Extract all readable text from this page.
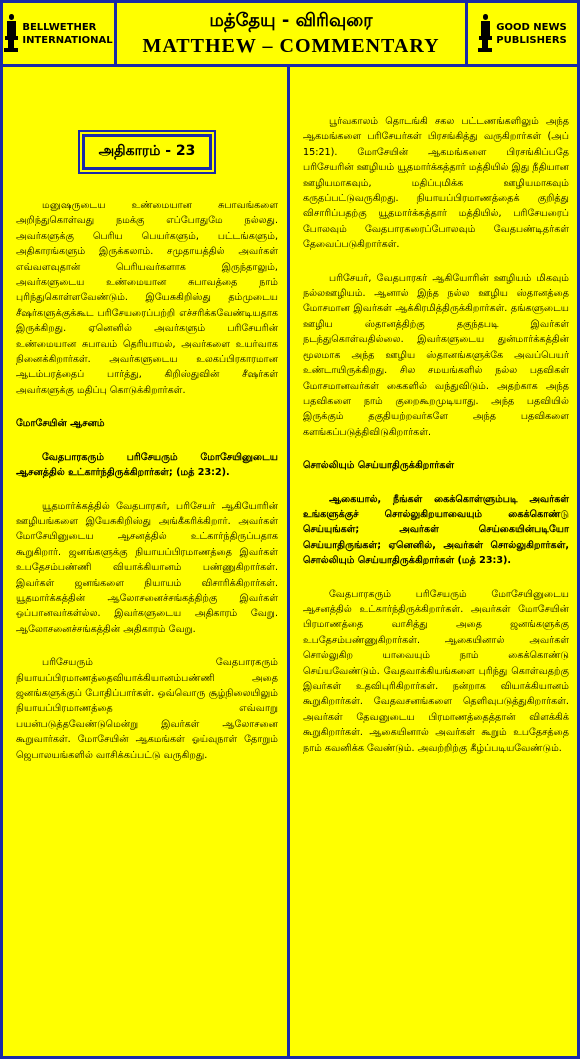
BELLWETHER
INTERNATIONAL
மத்தேயு - விரிவுரை
MATTHEW – COMMENTARY
GOOD NEWS
PUBLISHERS
அதிகாரம் - 23

மனுஷருடைய உண்மையான சுபாவங்களை அறிந்துகொள்வது நமக்கு எப்போதுமே நல்லது. அவர்களுக்கு பெரிய பெயர்களும், பட்டங்களும், அதிகாரங்களும் இருக்கலாம். சமுதாயத்தில் அவர்கள் எவ்வளவுதான் பெரியவர்களாக இருந்தாலும், அவர்களுடைய உண்மையான சுபாவத்தை நாம் புரிந்துகொள்ளவேண்டும். இயேசுகிறிஸ்து தம்முடைய சீஷர்களுக்குக்கூட பரிசேயரைப்பற்றி எச்சரிக்கவேண்டியதாக இருக்கிறது. ஏனெனில் அவர்களும் பரிசேயரின் உண்மையான சுபாவம் தெரியாமல், அவர்களை உயர்வாக நினைக்கிறார்கள். அவர்களுடைய உலகப்பிரகாரமான ஆடம்பரத்தைப் பார்த்து, கிறிஸ்துவின் சீஷர்கள் அவர்களுக்கு மதிப்பு கொடுக்கிறார்கள்.

மோசேயின் ஆசனம்

வேதபாரகரும் பரிசேயரும் மோசேயினுடைய ஆசனத்தில் உட்கார்ந்திருக்கிறார்கள்; (மத் 23:2).

யூதமார்க்கத்தில் வேதபாரகர், பரிசேயர் ஆகியோரின் ஊழியங்களை இயேசுகிறிஸ்து அங்கீகரிக்கிறார். அவர்கள் மோசேயினுடைய ஆசனத்தில் உட்கார்ந்திருப்பதாக கூறுகிறார். ஜனங்களுக்கு நியாயப்பிரமாணத்தை இவர்கள் உபதேசம்பண்ணி வியாக்கியானம் பண்ணுகிறார்கள். இவர்கள் ஜனங்களை நியாயம் விசாரிக்கிறார்கள். யூதமார்க்கத்தின் ஆலோசனைச்சங்கத்திற்கு இவர்கள் ஒப்பானவர்கள்ல்ல. இவர்களுடைய அதிகாரம் வேறு. ஆலோசனைச்சங்கத்தின் அதிகாரம் வேறு.

பரிசேயரும் வேதபாரகரும் நியாயப்பிரமாணத்தைவியாக்கியானம்பண்ணி அதை ஜனங்களுக்குப் போதிப்பார்கள். ஒவ்வொரு சூழ்நிலையிலும் நியாயப்பிரமாணத்தை எவ்வாறு பயன்படுத்தவேண்டுமென்று இவர்கள் ஆலோசனை கூறுவார்கள். மோசேயின் ஆகமங்கள் ஓய்வுநாள் தோறும் ஜெபாலயங்களில் வாசிக்கப்பட்டு வருகிறது.

பூர்வகாலம் தொடங்கி சகல பட்டணங்களிலும் அந்த ஆகமங்களை பரிசேயர்கள் பிரசங்கித்து வருகிறார்கள் (அப் 15:21). மோசேயின் ஆகமங்களை பிரசங்கிப்பதே பரிசேயரின் ஊழியம் யூதமார்க்கத்தார் மத்தியில் இது நீதியான ஊழியமாகவும், மதிப்புமிக்க ஊழியமாகவும் கருதப்பட்டுவருகிறது. நியாயப்பிரமாணத்தைக் குறித்து விசாரிப்பதற்கு யூதமார்க்கத்தார் மத்தியில், பரிசேயரைப் போலவும் வேதபாரகரைப்போலவும் வேதபண்டிதர்கள் தேவைப்படுகிறார்கள்.

பரிசேயர், வேதபாரகர் ஆகியோரின் ஊழியம் மிகவும் நல்லஊழியம். ஆனால் இந்த நல்ல ஊழிய ஸ்தானத்தை மோசமான இவர்கள் ஆக்கிரமித்திருக்கிறார்கள். தங்களுடைய ஊழிய ஸ்தானத்திற்கு தகுந்தபடி இவர்கள் நடந்துகொள்வதில்லை. இவர்களுடைய துன்மார்க்கத்தின் மூலமாக அந்த ஊழிய ஸ்தானங்களுக்கே அவப்பெயர் உண்டாயிருக்கிறது. சில சமயங்களில் நல்ல பதவிகள் மோசமானவர்கள் கைகளில் வந்துவிடும். அதற்காக அந்த பதவிகளை நாம் குறைகூறமுடியாது. அந்த பதவியில் இருக்கும் தகுதியற்றவர்களே அந்த பதவிகளை களங்கப்படுத்திவிடுகிறார்கள்.

சொல்லியும் செய்யாதிருக்கிறார்கள்

ஆகையால், நீங்கள் கைக்கொள்ளும்படி அவர்கள் உங்களுக்குச் சொல்லுகிறயாவையும் கைக்கொண்டு செய்யுங்கள்; அவர்கள் செய்கையின்படியோ செய்யாதிருங்கள்; ஏனெனில், அவர்கள் சொல்லுகிறார்கள், சொல்லியும் செய்யாதிருக்கிறார்கள் (மத் 23:3).

வேதபாரகரும் பரிசேயரும் மோசேயினுடைய ஆசனத்தில் உட்கார்ந்திருக்கிறார்கள். அவர்கள் மோசேயின் பிரமாணத்தை வாசித்து அதை ஜனங்களுக்கு உபதேசம்பண்ணுகிறார்கள். ஆகையினால் அவர்கள் சொல்லுகிற யாவையும் நாம் கைக்கொண்டு செய்யவேண்டும். வேதவாக்கியங்களை புரிந்து கொள்வதற்கு இவர்கள் உதவிபுரிகிறார்கள். நன்றாக வியாக்கியானம் கூறுகிறார்கள். வேதவசனங்களை தெளிவுபடுத்துகிறார்கள். அவர்கள் தேவனுடைய பிரமாணத்தைத்தான் விளக்கிக் கூறுகிறார்கள். ஆகையினால் அவர்கள் கூறும் உபதேசத்தை நாம் கவனிக்க வேண்டும். அவற்றிற்கு கீழ்ப்படியவேண்டும்.
